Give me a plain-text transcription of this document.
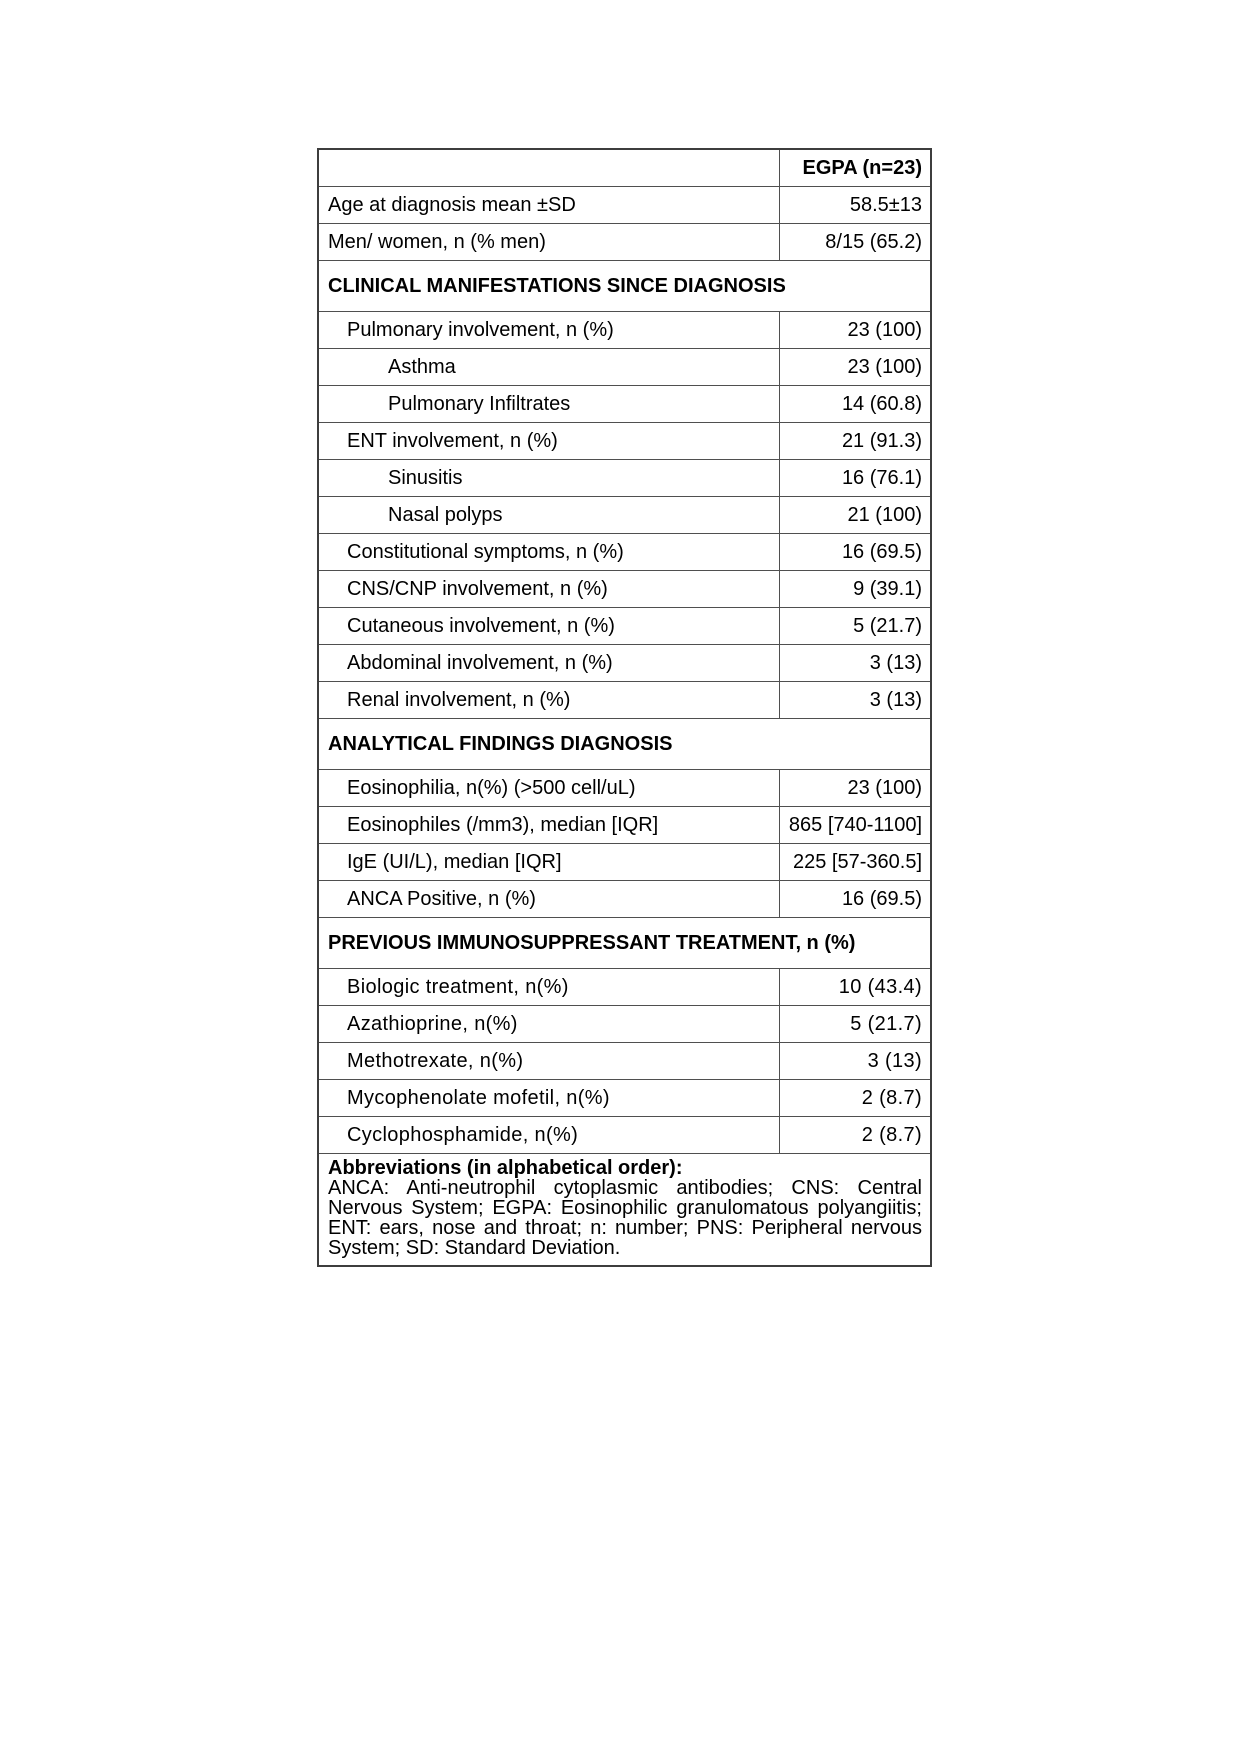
	EGPA (n=23)
Age at diagnosis mean ±SD	58.5±13
Men/ women, n (% men)	8/15 (65.2)
CLINICAL MANIFESTATIONS SINCE DIAGNOSIS	
Pulmonary involvement, n (%)	23 (100)
Asthma	23 (100)
Pulmonary Infiltrates	14 (60.8)
ENT involvement, n (%)	21 (91.3)
Sinusitis	16 (76.1)
Nasal polyps	21 (100)
Constitutional symptoms, n (%)	16 (69.5)
CNS/CNP involvement, n (%)	9 (39.1)
Cutaneous involvement, n (%)	5 (21.7)
Abdominal involvement, n (%)	3 (13)
Renal involvement, n (%)	3 (13)
ANALYTICAL FINDINGS DIAGNOSIS	
Eosinophilia, n(%) (>500 cell/uL)	23 (100)
Eosinophiles (/mm3), median [IQR]	865 [740-1100]
IgE (UI/L), median [IQR]	225 [57-360.5]
ANCA Positive, n (%)	16 (69.5)
PREVIOUS IMMUNOSUPPRESSANT TREATMENT, n (%)	
Biologic treatment, n(%)	10 (43.4)
Azathioprine, n(%)	5 (21.7)
Methotrexate, n(%)	3 (13)
Mycophenolate mofetil, n(%)	2 (8.7)
Cyclophosphamide, n(%)	2 (8.7)

Abbreviations (in alphabetical order):
ANCA: Anti-neutrophil cytoplasmic antibodies; CNS: Central Nervous System; EGPA: Eosinophilic granulomatous polyangiitis; ENT: ears, nose and throat; n: number; PNS: Peripheral nervous System; SD: Standard Deviation.	
